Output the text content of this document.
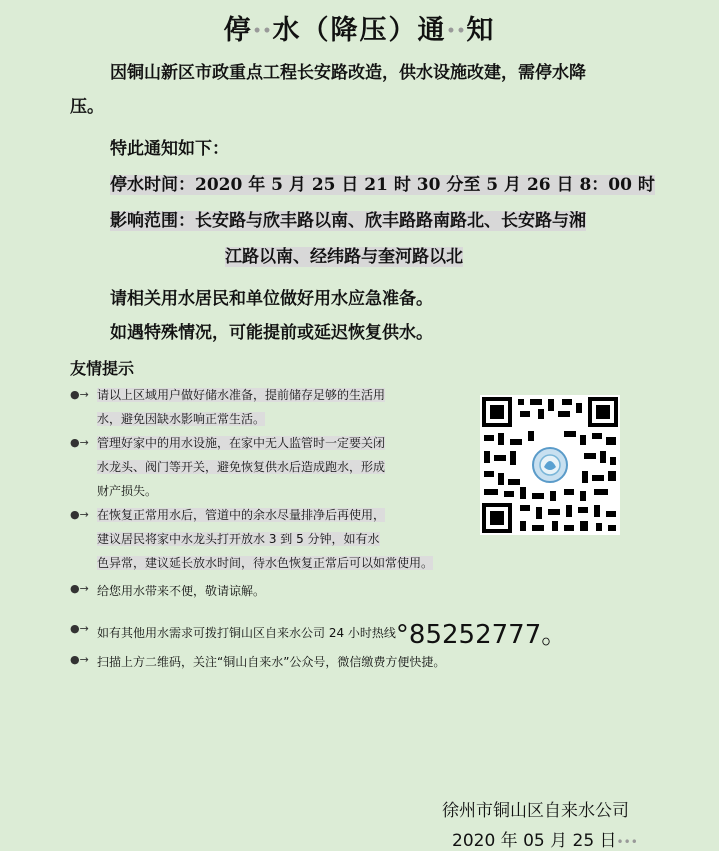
停••水（降压）通••知
因铜山新区市政重点工程长安路改造，供水设施改建，需停水降
压。
特此通知如下：
停水时间：2020 年 5 月 25 日 21 时 30 分至 5 月 26 日 8：00 时
影响范围：长安路与欣丰路以南、欣丰路路南路北、长安路与湘
江路以南、经纬路与奎河路以北
请相关用水居民和单位做好用水应急准备。
如遇特殊情况，可能提前或延迟恢复供水。
友情提示
●→ 请以上区域用户做好储水准备，提前储存足够的生活用
水，避免因缺水影响正常生活。
●→ 管理好家中的用水设施，在家中无人监管时一定要关闭
水龙头、阀门等开关，避免恢复供水后造成跑水，形成
财产损失。
●→ 在恢复正常用水后，管道中的余水尽量排净后再使用，
建议居民将家中水龙头打开放水 3 到 5 分钟，如有水
色异常，建议延长放水时间，待水色恢复正常后可以如常使用。
●→ 给您用水带来不便，敬请谅解。
●→ 如有其他用水需求可拨打铜山区自来水公司 24 小时热线°85252777。
●→ 扫描上方二维码，关注“铜山自来水”公众号，微信缴费方便快捷。
徐州市铜山区自来水公司
2020 年 05 月 25 日•••
